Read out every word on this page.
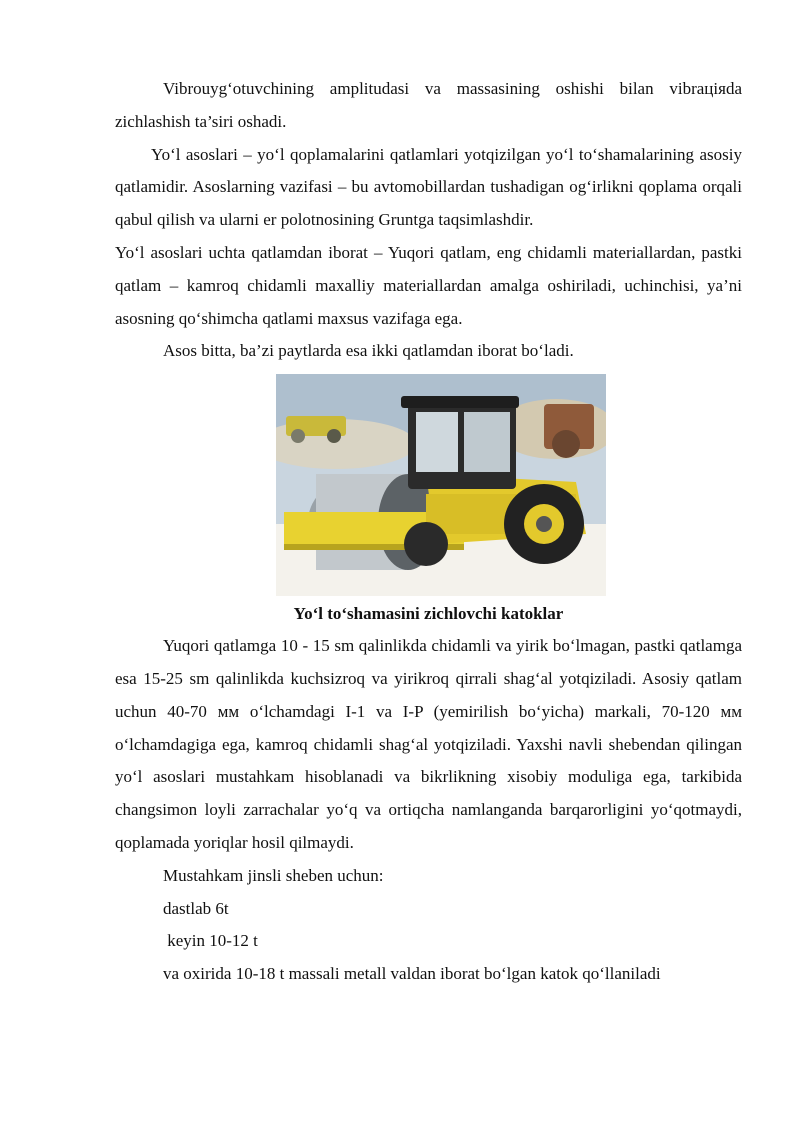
Vibrouyg‘otuvchining amplitudasi va massasining oshishi bilan vibraцiяda zichlashish ta’siri oshadi.

Yo‘l asoslari – yo‘l qoplamalarini qatlamlari yotqizilgan yo‘l to‘shamalarining asosiy qatlamidir. Asoslarning vazifasi – bu avtomobillardan tushadigan og‘irlikni qoplama orqali qabul qilish va ularni er polotnosining Gruntga taqsimlashdir.

Yo‘l asoslari uchta qatlamdan iborat – Yuqori qatlam, eng chidamli materiallardan, pastki qatlam – kamroq chidamli maxalliy materiallardan amalga oshiriladi, uchinchisi, ya’ni asosning qo‘shimcha qatlami maxsus vazifaga ega.

Asos bitta, ba’zi paytlarda esa ikki qatlamdan iborat bo‘ladi.

Yo‘l to‘shamasini zichlovchi katoklar

Yuqori qatlamga 10 - 15 sm qalinlikda chidamli va yirik bo‘lmagan, pastki qatlamga esa 15-25 sm qalinlikda kuchsizroq va yirikroq qirrali shag‘al yotqiziladi. Asosiy qatlam uchun 40-70 мм o‘lchamdagi I-1 va I-P (yemirilish bo‘yicha) markali, 70-120 мм o‘lchamdagiga ega, kamroq chidamli shag‘al yotqiziladi. Yaxshi navli shebendan qilingan yo‘l asoslari mustahkam hisoblanadi va bikrlikning xisobiy moduliga ega, tarkibida changsimon loyli zarrachalar yo‘q va ortiqcha namlanganda barqarorligini yo‘qotmaydi, qoplamada yoriqlar hosil qilmaydi.

Mustahkam jinsli sheben uchun:

dastlab 6t

keyin 10-12 t

va oxirida 10-18 t massali metall valdan iborat bo‘lgan katok qo‘llaniladi
